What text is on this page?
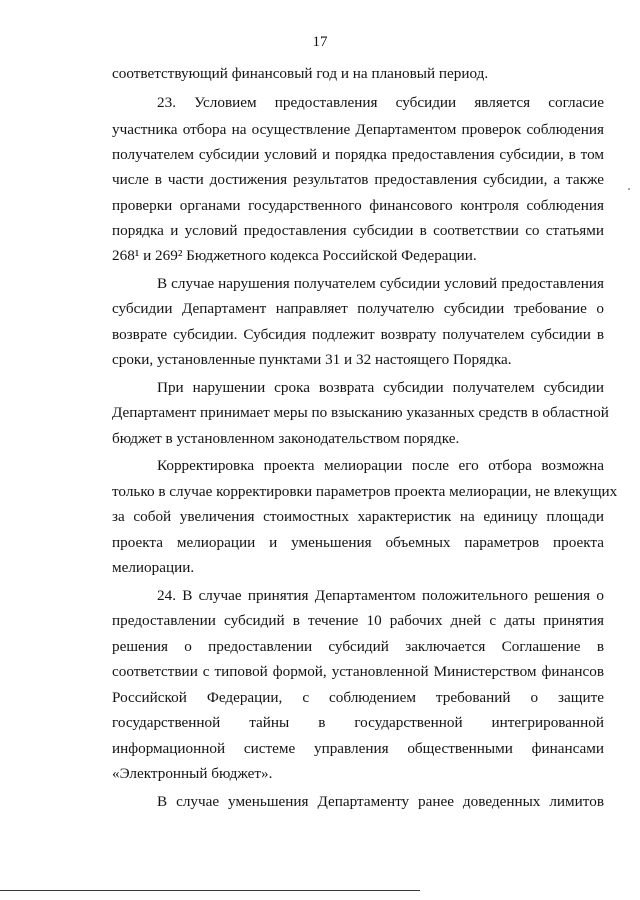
17
соответствующий финансовый год и на плановый период.
23. Условием предоставления субсидии является согласие
участника отбора на осуществление Департаментом проверок соблюдения
получателем субсидии условий и порядка предоставления субсидии, в том
числе в части достижения результатов предоставления субсидии, а также
проверки органами государственного финансового контроля соблюдения
порядка и условий предоставления субсидии в соответствии со статьями
268¹ и 269² Бюджетного кодекса Российской Федерации.
В случае нарушения получателем субсидии условий предоставления
субсидии Департамент направляет получателю субсидии требование о
возврате субсидии. Субсидия подлежит возврату получателем субсидии в
сроки, установленные пунктами 31 и 32 настоящего Порядка.
При нарушении срока возврата субсидии получателем субсидии
Департамент принимает меры по взысканию указанных средств в областной
бюджет в установленном законодательством порядке.
Корректировка проекта мелиорации после его отбора возможна
только в случае корректировки параметров проекта мелиорации, не влекущих
за собой увеличения стоимостных характеристик на единицу площади
проекта мелиорации и уменьшения объемных параметров проекта
мелиорации.
24. В случае принятия Департаментом положительного решения о
предоставлении субсидий в течение 10 рабочих дней с даты принятия
решения о предоставлении субсидий заключается Соглашение в
соответствии с типовой формой, установленной Министерством финансов
Российской Федерации, с соблюдением требований о защите
государственной тайны в государственной интегрированной
информационной системе управления общественными финансами
«Электронный бюджет».
В случае уменьшения Департаменту ранее доведенных лимитов
